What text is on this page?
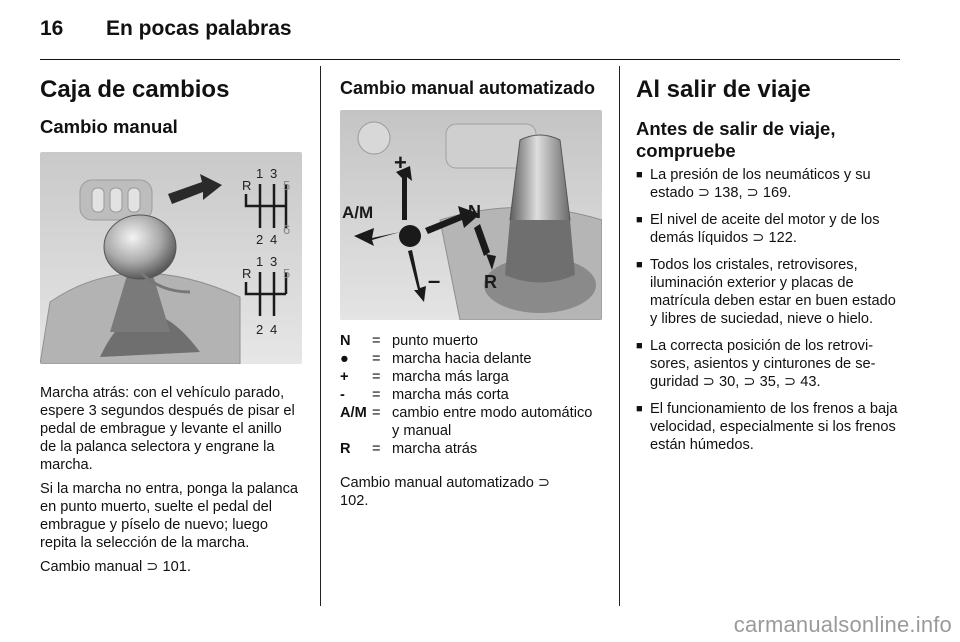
16	En pocas palabras
Caja de cambios
Cambio manual
R
1 3
5
2 4
6
R
1 3
5
2 4

Marcha atrás: con el vehículo parado, espere 3 segundos después de pisar el pedal de embrague y levante el anillo de la palanca selectora y engrane la marcha.

Si la marcha no entra, ponga la palanca en punto muerto, suelte el pedal del embrague y píselo de nuevo; luego repita la selección de la marcha.

Cambio manual ⊃ 101.

Cambio manual automatizado
+
A/M	N
– R
N	= punto muerto
●	= marcha hacia delante
+	= marcha más larga
-	= marcha más corta
A/M = cambio entre modo automático y manual
R	= marcha atrás

Cambio manual automatizado ⊃ 102.

Al salir de viaje
Antes de salir de viaje, compruebe
■ La presión de los neumáticos y su estado ⊃ 138, ⊃ 169.
■ El nivel de aceite del motor y de los demás líquidos ⊃ 122.
■ Todos los cristales, retrovisores, iluminación exterior y placas de matrícula deben estar en buen estado y libres de suciedad, nieve o hielo.
■ La correcta posición de los retrovisores, asientos y cinturones de seguridad ⊃ 30, ⊃ 35, ⊃ 43.
■ El funcionamiento de los frenos a baja velocidad, especialmente si los frenos están húmedos.
carmanualsonline.info
